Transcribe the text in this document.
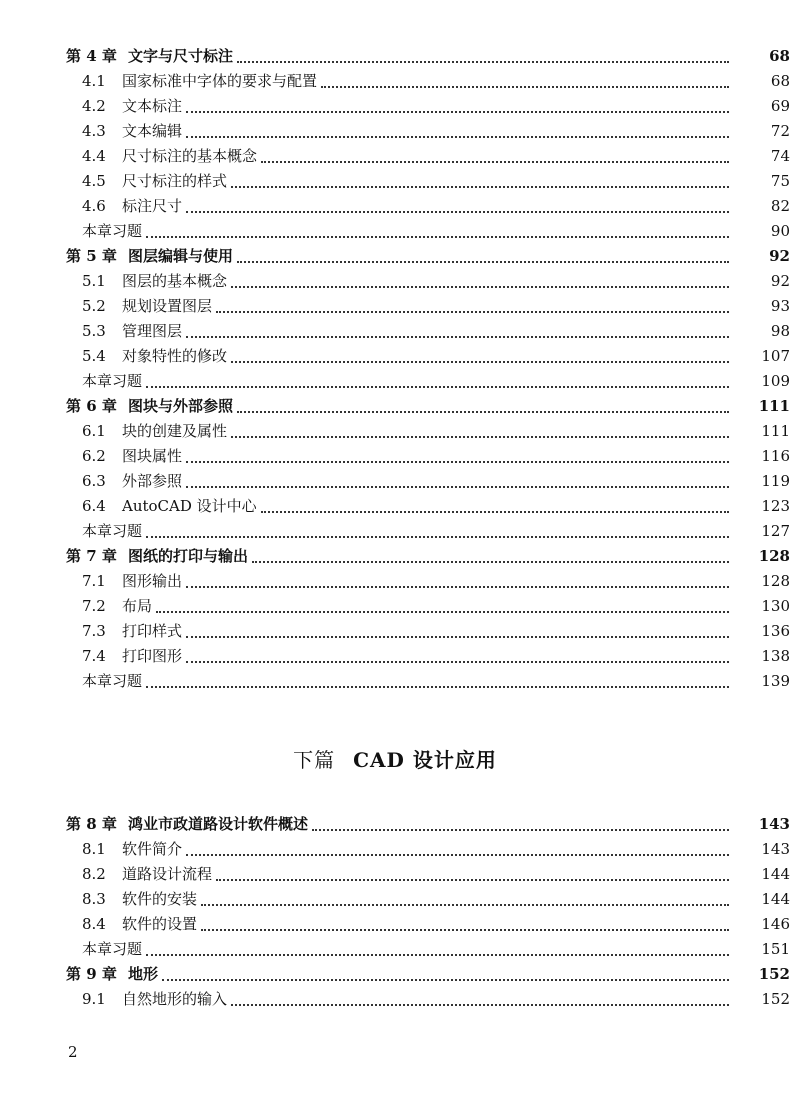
第 4 章 文字与尺寸标注	68
4.1	国家标准中字体的要求与配置	68
4.2	文本标注	69
4.3	文本编辑	72
4.4	尺寸标注的基本概念	74
4.5	尺寸标注的样式	75
4.6	标注尺寸	82
本章习题	90
第 5 章 图层编辑与使用	92
5.1	图层的基本概念	92
5.2	规划设置图层	93
5.3	管理图层	98
5.4	对象特性的修改	107
本章习题	109
第 6 章 图块与外部参照	111
6.1	块的创建及属性	111
6.2	图块属性	116
6.3	外部参照	119
6.4	AutoCAD 设计中心	123
本章习题	127
第 7 章 图纸的打印与输出	128
7.1	图形输出	128
7.2	布局	130
7.3	打印样式	136
7.4	打印图形	138
本章习题	139
下篇 CAD 设计应用
第 8 章 鸿业市政道路设计软件概述	143
8.1	软件简介	143
8.2	道路设计流程	144
8.3	软件的安装	144
8.4	软件的设置	146
本章习题	151
第 9 章 地形	152
9.1	自然地形的输入	152
2
